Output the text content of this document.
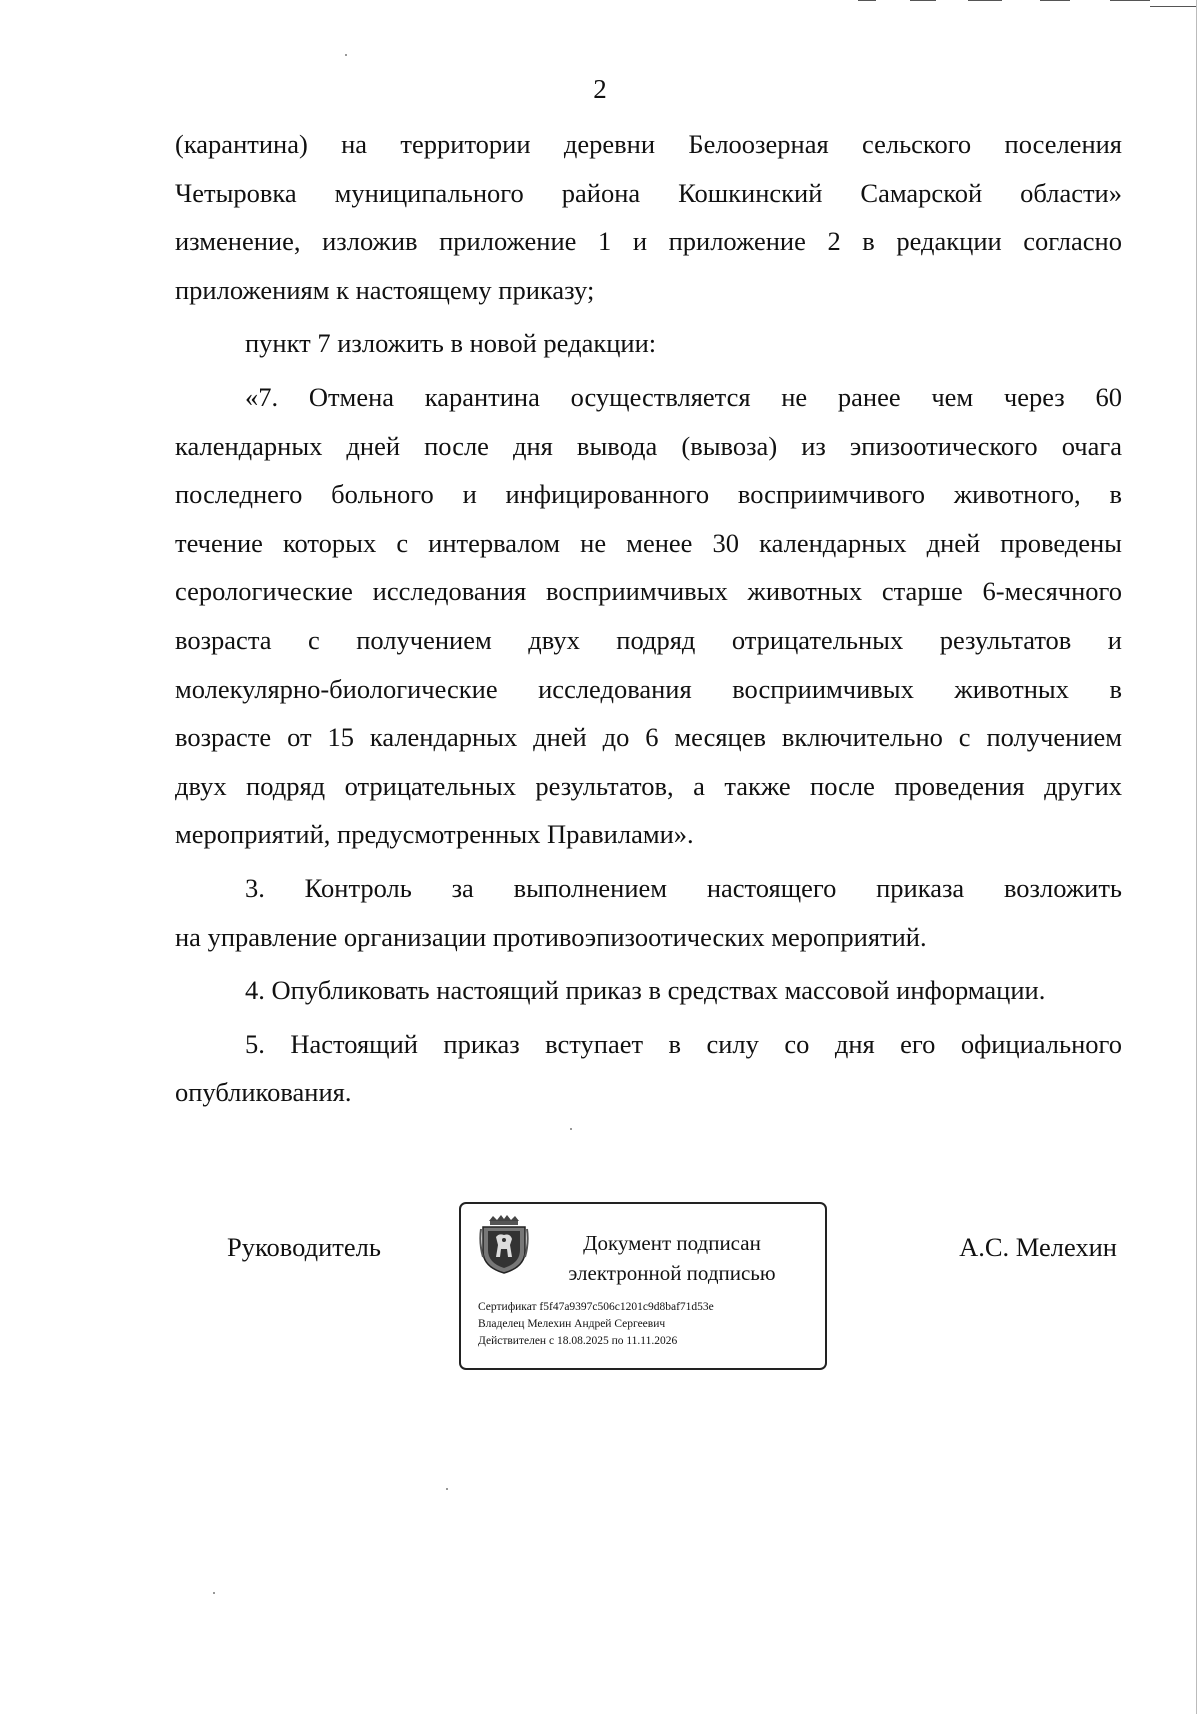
2
(карантина) на территории деревни Белоозерная сельского поселения
Четыровка муниципального района Кошкинский Самарской области»
изменение, изложив приложение 1 и приложение 2 в редакции согласно
приложениям к настоящему приказу;
пункт 7 изложить в новой редакции:
«7. Отмена карантина осуществляется не ранее чем через 60
календарных дней после дня вывода (вывоза) из эпизоотического очага
последнего больного и инфицированного восприимчивого животного, в
течение которых с интервалом не менее 30 календарных дней проведены
серологические исследования восприимчивых животных старше 6-месячного
возраста с получением двух подряд отрицательных результатов и
молекулярно-биологические исследования восприимчивых животных в
возрасте от 15 календарных дней до 6 месяцев включительно с получением
двух подряд отрицательных результатов, а также после проведения других
мероприятий, предусмотренных Правилами».
3. Контроль за выполнением настоящего приказа возложить
на управление организации противоэпизоотических мероприятий.
4. Опубликовать настоящий приказ в средствах массовой информации.
5. Настоящий приказ вступает в силу со дня его официального
опубликования.
Руководитель	Документ подписан
электронной подписью
Сертификат f5f47a9397c506c1201c9d8baf71d53e
Владелец Мелехин Андрей Сергеевич
Действителен с 18.08.2025 по 11.11.2026
А.С. Мелехин
